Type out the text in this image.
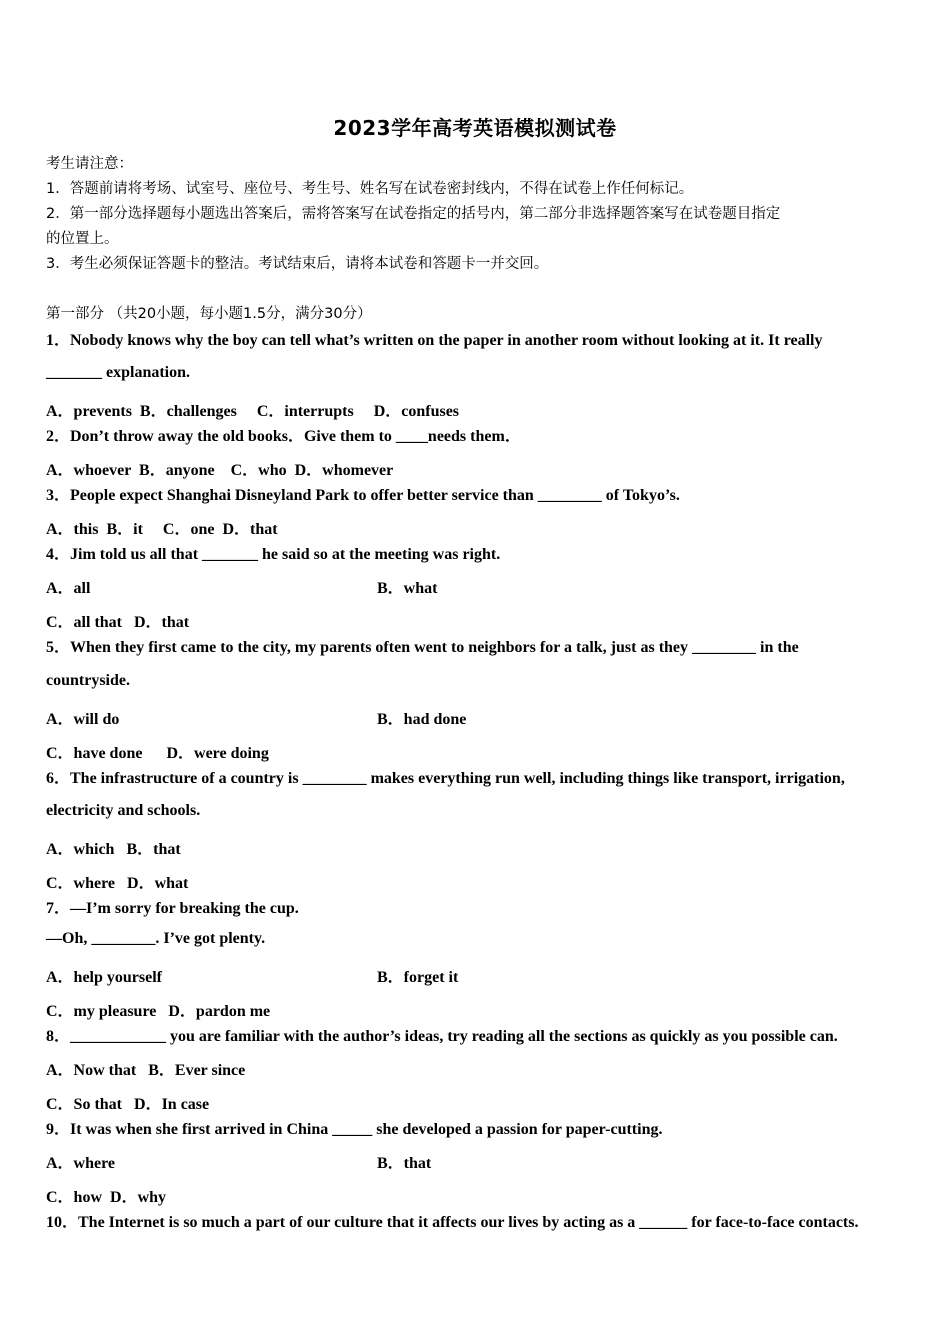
2023学年高考英语模拟测试卷
考生请注意：
1．答题前请将考场、试室号、座位号、考生号、姓名写在试卷密封线内，不得在试卷上作任何标记。
2．第一部分选择题每小题选出答案后，需将答案写在试卷指定的括号内，第二部分非选择题答案写在试卷题目指定
的位置上。
3．考生必须保证答题卡的整洁。考试结束后，请将本试卷和答题卡一并交回。
第一部分 （共20小题，每小题1.5分，满分30分）
1．Nobody knows why the boy can tell what’s written on the paper in another room without looking at it. It really
_______ explanation.
A．prevents  B．challenges     C．interrupts     D．confuses
2．Don’t throw away the old books．Give them to ____needs them．
A．whoever  B．anyone    C．who  D．whomever
3．People expect Shanghai Disneyland Park to offer better service than ________ of Tokyo’s.
A．this  B．it     C．one  D．that
4．Jim told us all that _______ he said so at the meeting was right.
A．all	B．what
C．all that   D．that
5．When they first came to the city, my parents often went to neighbors for a talk, just as they ________ in the
countryside.
A．will do	B．had done
C．have done      D．were doing
6．The infrastructure of a country is ________ makes everything run well, including things like transport, irrigation,
electricity and schools.
A．which   B．that
C．where   D．what
7．—I’m sorry for breaking the cup.
—Oh, ________. I’ve got plenty.
A．help yourself	B．forget it
C．my pleasure   D．pardon me
8．____________ you are familiar with the author’s ideas, try reading all the sections as quickly as you possible can.
A．Now that   B．Ever since
C．So that   D．In case
9．It was when she first arrived in China _____ she developed a passion for paper-cutting.
A．where	B．that
C．how  D．why
10．The Internet is so much a part of our culture that it affects our lives by acting as a ______ for face-to-face contacts.
